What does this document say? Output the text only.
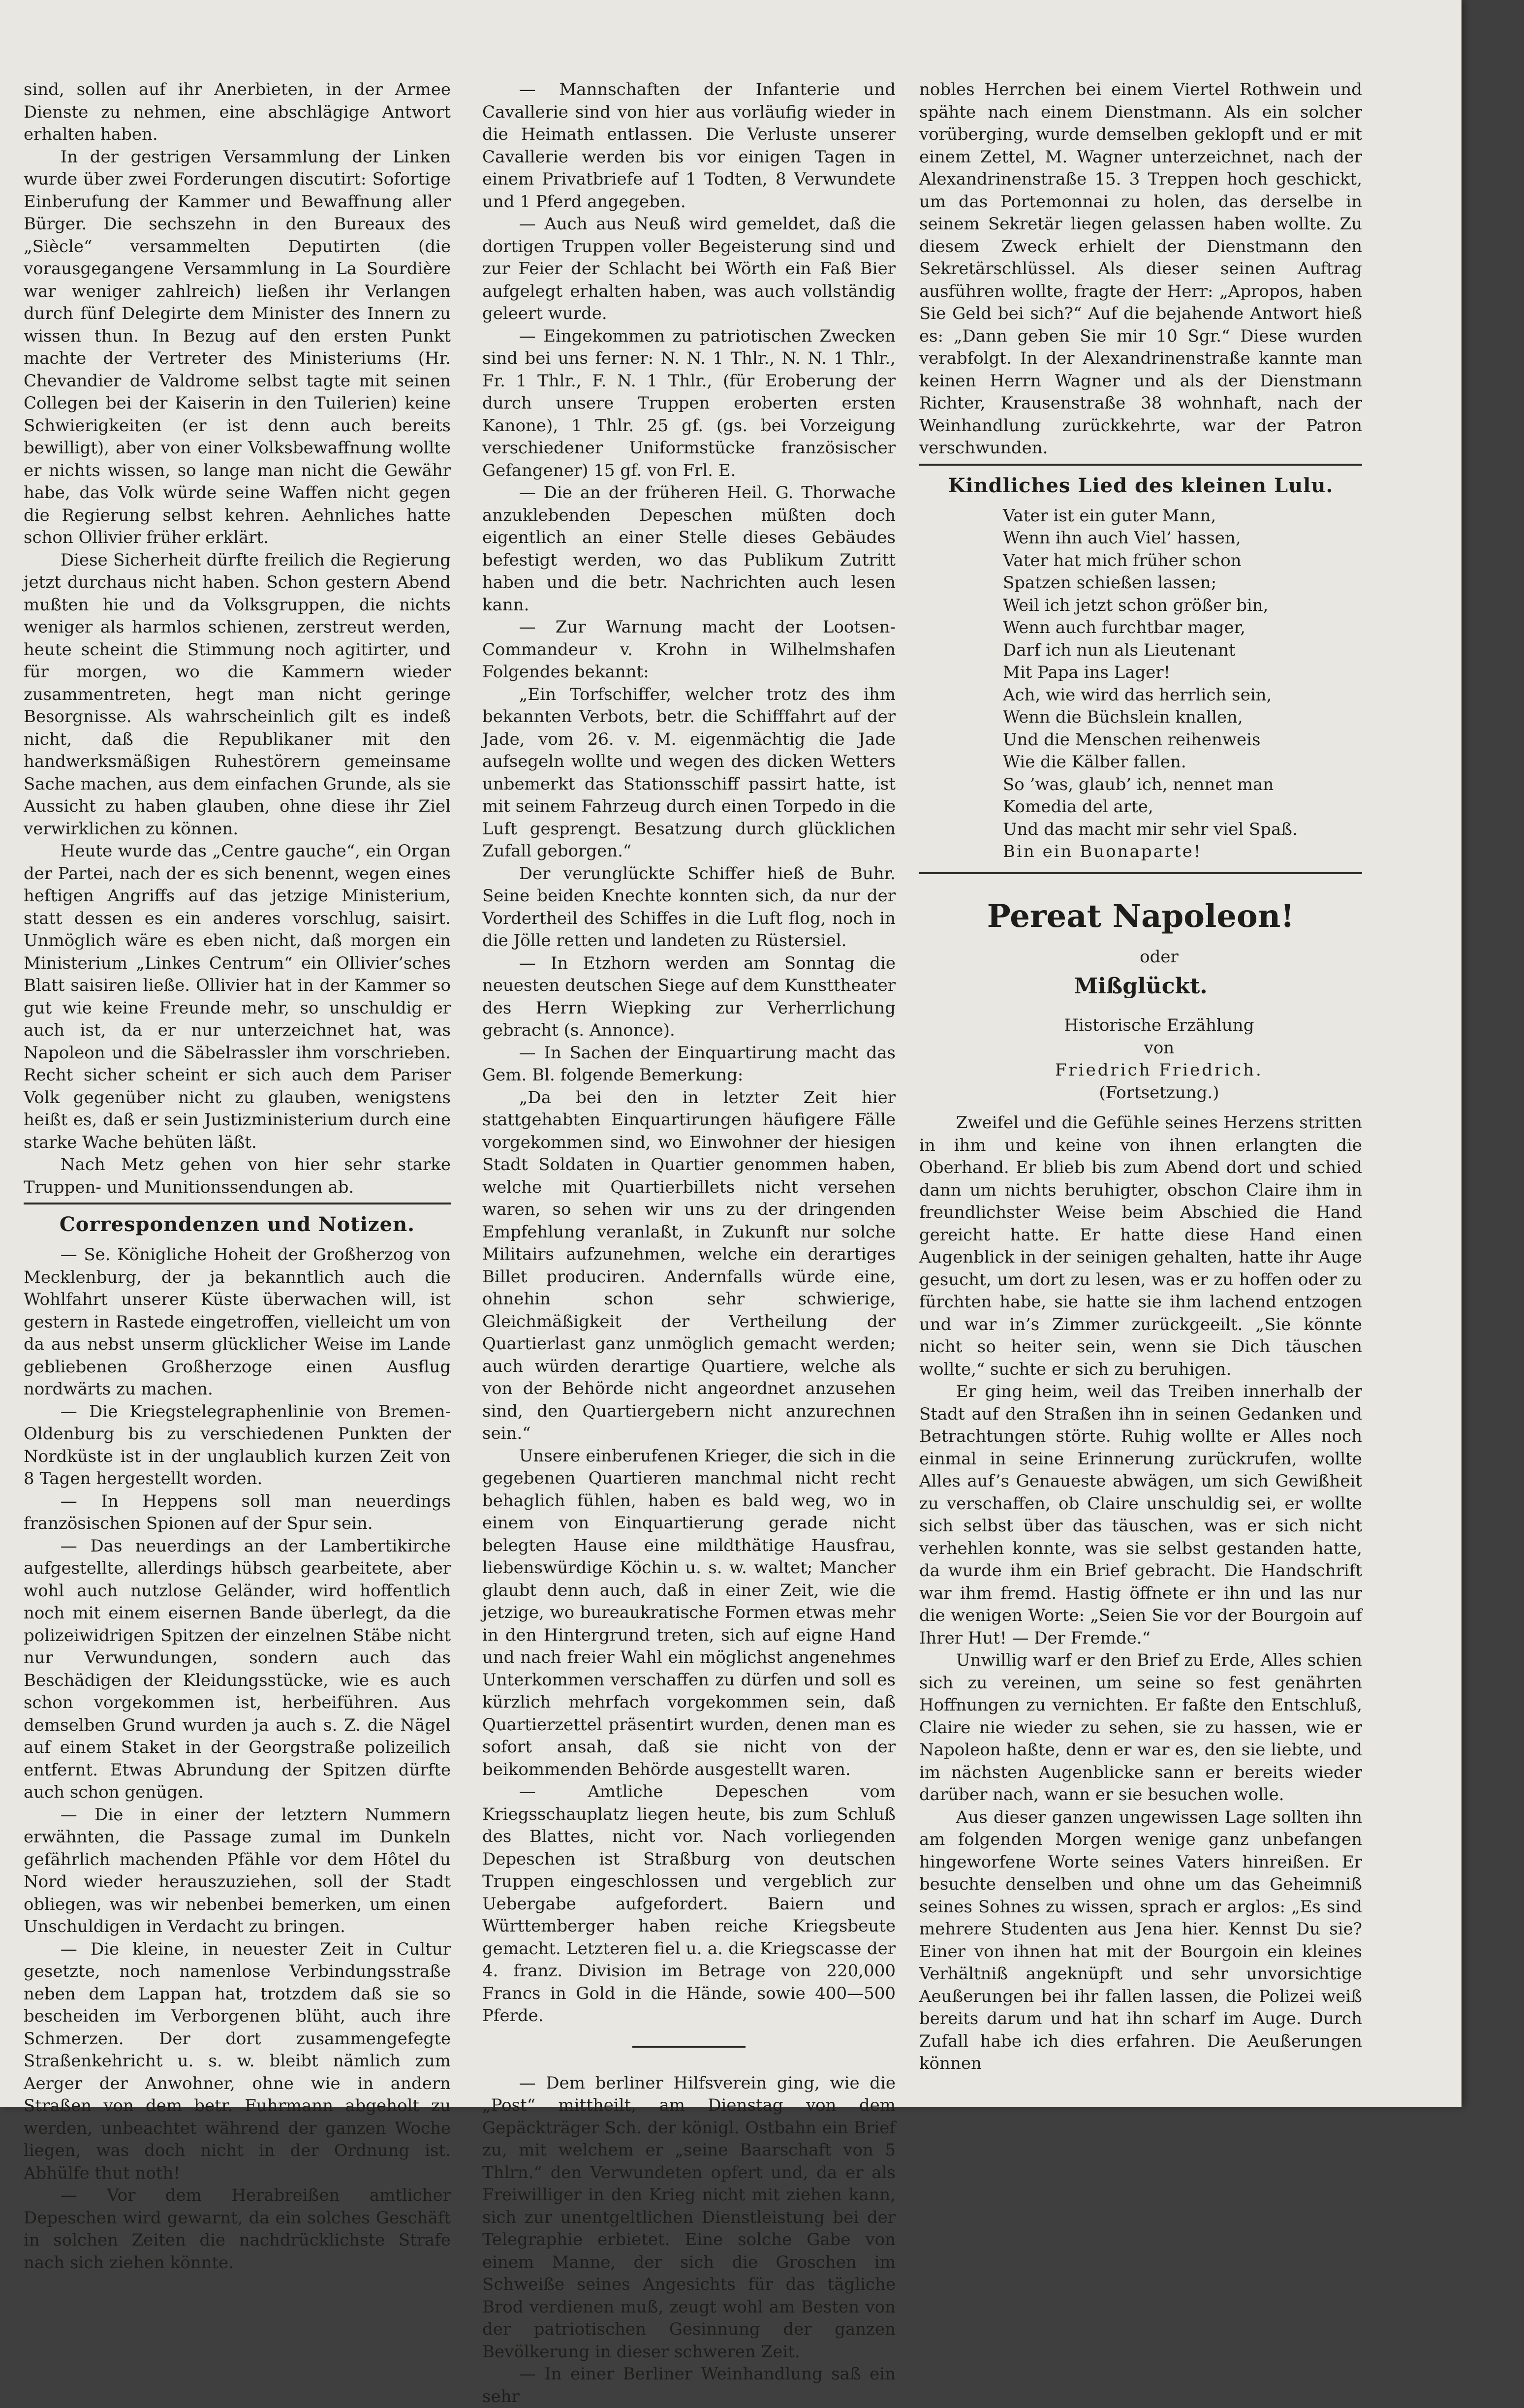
sind, sollen auf ihr Anerbieten, in der Armee Dienste zu nehmen, eine abschlägige Antwort erhalten haben.

In der gestrigen Versammlung der Linken wurde über zwei Forderungen discutirt: Sofortige Einberufung der Kammer und Bewaffnung aller Bürger. Die sechszehn in den Bureaux des „Siècle“ versammelten Deputirten (die vorausgegangene Versammlung in La Sourdière war weniger zahlreich) ließen ihr Verlangen durch fünf Delegirte dem Minister des Innern zu wissen thun. In Bezug auf den ersten Punkt machte der Vertreter des Ministeriums (Hr. Chevandier de Valdrome selbst tagte mit seinen Collegen bei der Kaiserin in den Tuilerien) keine Schwierigkeiten (er ist denn auch bereits bewilligt), aber von einer Volksbewaffnung wollte er nichts wissen, so lange man nicht die Gewähr habe, das Volk würde seine Waffen nicht gegen die Regierung selbst kehren. Aehnliches hatte schon Ollivier früher erklärt.

Diese Sicherheit dürfte freilich die Regierung jetzt durchaus nicht haben. Schon gestern Abend mußten hie und da Volksgruppen, die nichts weniger als harmlos schienen, zerstreut werden, heute scheint die Stimmung noch agitirter, und für morgen, wo die Kammern wieder zusammentreten, hegt man nicht geringe Besorgnisse. Als wahrscheinlich gilt es indeß nicht, daß die Republikaner mit den handwerksmäßigen Ruhestörern gemeinsame Sache machen, aus dem einfachen Grunde, als sie Aussicht zu haben glauben, ohne diese ihr Ziel verwirklichen zu können.

Heute wurde das „Centre gauche“, ein Organ der Partei, nach der es sich benennt, wegen eines heftigen Angriffs auf das jetzige Ministerium, statt dessen es ein anderes vorschlug, saisirt. Unmöglich wäre es eben nicht, daß morgen ein Ministerium „Linkes Centrum“ ein Ollivier’sches Blatt saisiren ließe. Ollivier hat in der Kammer so gut wie keine Freunde mehr, so unschuldig er auch ist, da er nur unterzeichnet hat, was Napoleon und die Säbelrassler ihm vorschrieben. Recht sicher scheint er sich auch dem Pariser Volk gegenüber nicht zu glauben, wenigstens heißt es, daß er sein Justizministerium durch eine starke Wache behüten läßt.

Nach Metz gehen von hier sehr starke Truppen- und Munitionssendungen ab.

Correspondenzen und Notizen.

— Se. Königliche Hoheit der Großherzog von Mecklenburg, der ja bekanntlich auch die Wohlfahrt unserer Küste überwachen will, ist gestern in Rastede eingetroffen, vielleicht um von da aus nebst unserm glücklicher Weise im Lande gebliebenen Großherzoge einen Ausflug nordwärts zu machen.

— Die Kriegstelegraphenlinie von Bremen-Oldenburg bis zu verschiedenen Punkten der Nordküste ist in der unglaublich kurzen Zeit von 8 Tagen hergestellt worden.

— In Heppens soll man neuerdings französischen Spionen auf der Spur sein.

— Das neuerdings an der Lambertikirche aufgestellte, allerdings hübsch gearbeitete, aber wohl auch nutzlose Geländer, wird hoffentlich noch mit einem eisernen Bande überlegt, da die polizeiwidrigen Spitzen der einzelnen Stäbe nicht nur Verwundungen, sondern auch das Beschädigen der Kleidungsstücke, wie es auch schon vorgekommen ist, herbeiführen. Aus demselben Grund wurden ja auch s. Z. die Nägel auf einem Staket in der Georgstraße polizeilich entfernt. Etwas Abrundung der Spitzen dürfte auch schon genügen.

— Die in einer der letztern Nummern erwähnten, die Passage zumal im Dunkeln gefährlich machenden Pfähle vor dem Hôtel du Nord wieder herauszuziehen, soll der Stadt obliegen, was wir nebenbei bemerken, um einen Unschuldigen in Verdacht zu bringen.

— Die kleine, in neuester Zeit in Cultur gesetzte, noch namenlose Verbindungsstraße neben dem Lappan hat, trotzdem daß sie so bescheiden im Verborgenen blüht, auch ihre Schmerzen. Der dort zusammengefegte Straßenkehricht u. s. w. bleibt nämlich zum Aerger der Anwohner, ohne wie in andern Straßen von dem betr. Fuhrmann abgeholt zu werden, unbeachtet während der ganzen Woche liegen, was doch nicht in der Ordnung ist. Abhülfe thut noth!

— Vor dem Herabreißen amtlicher Depeschen wird gewarnt, da ein solches Geschäft in solchen Zeiten die nachdrücklichste Strafe nach sich ziehen könnte.

— Mannschaften der Infanterie und Cavallerie sind von hier aus vorläufig wieder in die Heimath entlassen. Die Verluste unserer Cavallerie werden bis vor einigen Tagen in einem Privatbriefe auf 1 Todten, 8 Verwundete und 1 Pferd angegeben.

— Auch aus Neuß wird gemeldet, daß die dortigen Truppen voller Begeisterung sind und zur Feier der Schlacht bei Wörth ein Faß Bier aufgelegt erhalten haben, was auch vollständig geleert wurde.

— Eingekommen zu patriotischen Zwecken sind bei uns ferner: N. N. 1 Thlr., N. N. 1 Thlr., Fr. 1 Thlr., F. N. 1 Thlr., (für Eroberung der durch unsere Truppen eroberten ersten Kanone), 1 Thlr. 25 gf. (gs. bei Vorzeigung verschiedener Uniformstücke französischer Gefangener) 15 gf. von Frl. E.

— Die an der früheren Heil. G. Thorwache anzuklebenden Depeschen müßten doch eigentlich an einer Stelle dieses Gebäudes befestigt werden, wo das Publikum Zutritt haben und die betr. Nachrichten auch lesen kann.

— Zur Warnung macht der Lootsen-Commandeur v. Krohn in Wilhelmshafen Folgendes bekannt:

„Ein Torfschiffer, welcher trotz des ihm bekannten Verbots, betr. die Schifffahrt auf der Jade, vom 26. v. M. eigenmächtig die Jade aufsegeln wollte und wegen des dicken Wetters unbemerkt das Stationsschiff passirt hatte, ist mit seinem Fahrzeug durch einen Torpedo in die Luft gesprengt. Besatzung durch glücklichen Zufall geborgen.“

Der verunglückte Schiffer hieß de Buhr. Seine beiden Knechte konnten sich, da nur der Vordertheil des Schiffes in die Luft flog, noch in die Jölle retten und landeten zu Rüstersiel.

— In Etzhorn werden am Sonntag die neuesten deutschen Siege auf dem Kunsttheater des Herrn Wiepking zur Verherrlichung gebracht (s. Annonce).

— In Sachen der Einquartirung macht das Gem. Bl. folgende Bemerkung:

„Da bei den in letzter Zeit hier stattgehabten Einquartirungen häufigere Fälle vorgekommen sind, wo Einwohner der hiesigen Stadt Soldaten in Quartier genommen haben, welche mit Quartierbillets nicht versehen waren, so sehen wir uns zu der dringenden Empfehlung veranlaßt, in Zukunft nur solche Militairs aufzunehmen, welche ein derartiges Billet produciren. Andernfalls würde eine, ohnehin schon sehr schwierige, Gleichmäßigkeit der Vertheilung der Quartierlast ganz unmöglich gemacht werden; auch würden derartige Quartiere, welche als von der Behörde nicht angeordnet anzusehen sind, den Quartiergebern nicht anzurechnen sein.“

Unsere einberufenen Krieger, die sich in die gegebenen Quartieren manchmal nicht recht behaglich fühlen, haben es bald weg, wo in einem von Einquartierung gerade nicht belegten Hause eine mildthätige Hausfrau, liebenswürdige Köchin u. s. w. waltet; Mancher glaubt denn auch, daß in einer Zeit, wie die jetzige, wo bureaukratische Formen etwas mehr in den Hintergrund treten, sich auf eigne Hand und nach freier Wahl ein möglichst angenehmes Unterkommen verschaffen zu dürfen und soll es kürzlich mehrfach vorgekommen sein, daß Quartierzettel präsentirt wurden, denen man es sofort ansah, daß sie nicht von der beikommenden Behörde ausgestellt waren.

— Amtliche Depeschen vom Kriegsschauplatz liegen heute, bis zum Schluß des Blattes, nicht vor. Nach vorliegenden Depeschen ist Straßburg von deutschen Truppen eingeschlossen und vergeblich zur Uebergabe aufgefordert. Baiern und Württemberger haben reiche Kriegsbeute gemacht. Letzteren fiel u. a. die Kriegscasse der 4. franz. Division im Betrage von 220,000 Francs in Gold in die Hände, sowie 400—500 Pferde.

— Dem berliner Hilfsverein ging, wie die „Post“ mittheilt, am Dienstag von dem Gepäckträger Sch. der königl. Ostbahn ein Brief zu, mit welchem er „seine Baarschaft von 5 Thlrn.“ den Verwundeten opfert und, da er als Freiwilliger in den Krieg nicht mit ziehen kann, sich zur unentgeltlichen Dienstleistung bei der Telegraphie erbietet. Eine solche Gabe von einem Manne, der sich die Groschen im Schweiße seines Angesichts für das tägliche Brod verdienen muß, zeugt wohl am Besten von der patriotischen Gesinnung der ganzen Bevölkerung in dieser schweren Zeit.

— In einer Berliner Weinhandlung saß ein sehr

nobles Herrchen bei einem Viertel Rothwein und spähte nach einem Dienstmann. Als ein solcher vorüberging, wurde demselben geklopft und er mit einem Zettel, M. Wagner unterzeichnet, nach der Alexandrinenstraße 15. 3 Treppen hoch geschickt, um das Portemonnai zu holen, das derselbe in seinem Sekretär liegen gelassen haben wollte. Zu diesem Zweck erhielt der Dienstmann den Sekretärschlüssel. Als dieser seinen Auftrag ausführen wollte, fragte der Herr: „Apropos, haben Sie Geld bei sich?“ Auf die bejahende Antwort hieß es: „Dann geben Sie mir 10 Sgr.“ Diese wurden verabfolgt. In der Alexandrinenstraße kannte man keinen Herrn Wagner und als der Dienstmann Richter, Krausenstraße 38 wohnhaft, nach der Weinhandlung zurückkehrte, war der Patron verschwunden.

Kindliches Lied des kleinen Lulu.
Vater ist ein guter Mann,
Wenn ihn auch Viel’ hassen,
Vater hat mich früher schon
Spatzen schießen lassen;
Weil ich jetzt schon größer bin,
Wenn auch furchtbar mager,
Darf ich nun als Lieutenant
Mit Papa ins Lager!
Ach, wie wird das herrlich sein,
Wenn die Büchslein knallen,
Und die Menschen reihenweis
Wie die Kälber fallen.
So ’was, glaub’ ich, nennet man
Komedia del arte,
Und das macht mir sehr viel Spaß.
Bin ein Buonaparte!
Pereat Napoleon!

oder

Mißglückt.

Historische Erzählung

von

Friedrich Friedrich.

(Fortsetzung.)

Zweifel und die Gefühle seines Herzens stritten in ihm und keine von ihnen erlangten die Oberhand. Er blieb bis zum Abend dort und schied dann um nichts beruhigter, obschon Claire ihm in freundlichster Weise beim Abschied die Hand gereicht hatte. Er hatte diese Hand einen Augenblick in der seinigen gehalten, hatte ihr Auge gesucht, um dort zu lesen, was er zu hoffen oder zu fürchten habe, sie hatte sie ihm lachend entzogen und war in’s Zimmer zurückgeeilt. „Sie könnte nicht so heiter sein, wenn sie Dich täuschen wollte,“ suchte er sich zu beruhigen.

Er ging heim, weil das Treiben innerhalb der Stadt auf den Straßen ihn in seinen Gedanken und Betrachtungen störte. Ruhig wollte er Alles noch einmal in seine Erinnerung zurückrufen, wollte Alles auf’s Genaueste abwägen, um sich Gewißheit zu verschaffen, ob Claire unschuldig sei, er wollte sich selbst über das täuschen, was er sich nicht verhehlen konnte, was sie selbst gestanden hatte, da wurde ihm ein Brief gebracht. Die Handschrift war ihm fremd. Hastig öffnete er ihn und las nur die wenigen Worte: „Seien Sie vor der Bourgoin auf Ihrer Hut! — Der Fremde.“

Unwillig warf er den Brief zu Erde, Alles schien sich zu vereinen, um seine so fest genährten Hoffnungen zu vernichten. Er faßte den Entschluß, Claire nie wieder zu sehen, sie zu hassen, wie er Napoleon haßte, denn er war es, den sie liebte, und im nächsten Augenblicke sann er bereits wieder darüber nach, wann er sie besuchen wolle.

Aus dieser ganzen ungewissen Lage sollten ihn am folgenden Morgen wenige ganz unbefangen hingeworfene Worte seines Vaters hinreißen. Er besuchte denselben und ohne um das Geheimniß seines Sohnes zu wissen, sprach er arglos: „Es sind mehrere Studenten aus Jena hier. Kennst Du sie? Einer von ihnen hat mit der Bourgoin ein kleines Verhältniß angeknüpft und sehr unvorsichtige Aeußerungen bei ihr fallen lassen, die Polizei weiß bereits darum und hat ihn scharf im Auge. Durch Zufall habe ich dies erfahren. Die Aeußerungen können
